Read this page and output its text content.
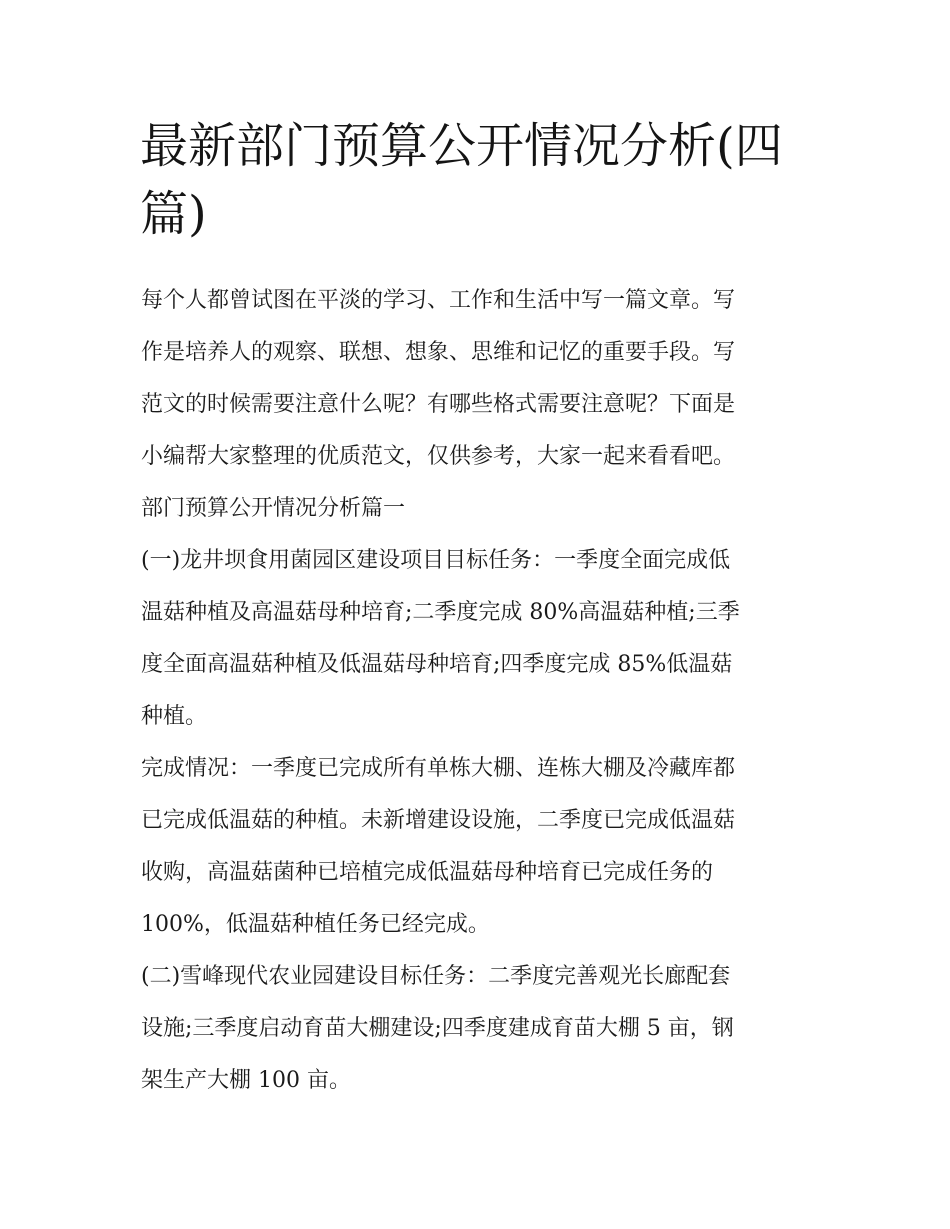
最新部门预算公开情况分析(四
篇)
每个人都曾试图在平淡的学习、工作和生活中写一篇文章。写
作是培养人的观察、联想、想象、思维和记忆的重要手段。写
范文的时候需要注意什么呢？有哪些格式需要注意呢？下面是
小编帮大家整理的优质范文，仅供参考，大家一起来看看吧。
部门预算公开情况分析篇一
(一)龙井坝食用菌园区建设项目目标任务：一季度全面完成低
温菇种植及高温菇母种培育;二季度完成 80%高温菇种植;三季
度全面高温菇种植及低温菇母种培育;四季度完成 85%低温菇
种植。
完成情况：一季度已完成所有单栋大棚、连栋大棚及冷藏库都
已完成低温菇的种植。未新增建设设施，二季度已完成低温菇
收购，高温菇菌种已培植完成低温菇母种培育已完成任务的
100%，低温菇种植任务已经完成。
(二)雪峰现代农业园建设目标任务：二季度完善观光长廊配套
设施;三季度启动育苗大棚建设;四季度建成育苗大棚 5 亩，钢
架生产大棚 100 亩。
